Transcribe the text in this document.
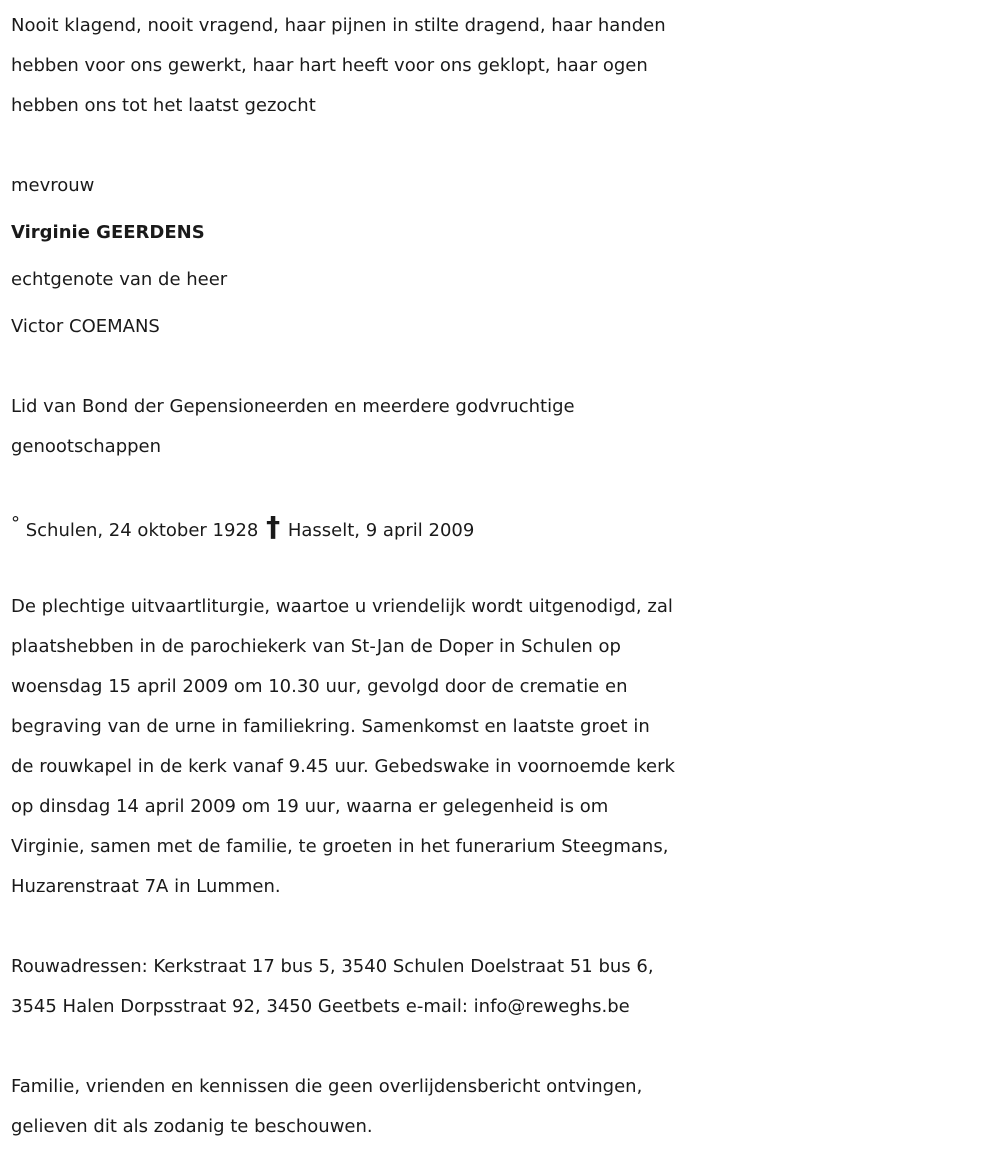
Nooit klagend, nooit vragend, haar pijnen in stilte dragend, haar handen
hebben voor ons gewerkt, haar hart heeft voor ons geklopt, haar ogen
hebben ons tot het laatst gezocht
mevrouw
Virginie GEERDENS
echtgenote van de heer
Victor COEMANS
Lid van Bond der Gepensioneerden en meerdere godvruchtige
genootschappen
° Schulen, 24 oktober 1928 † Hasselt, 9 april 2009
De plechtige uitvaartliturgie, waartoe u vriendelijk wordt uitgenodigd, zal
plaatshebben in de parochiekerk van St-Jan de Doper in Schulen op
woensdag 15 april 2009 om 10.30 uur, gevolgd door de crematie en
begraving van de urne in familiekring. Samenkomst en laatste groet in
de rouwkapel in de kerk vanaf 9.45 uur. Gebedswake in voornoemde kerk
op dinsdag 14 april 2009 om 19 uur, waarna er gelegenheid is om
Virginie, samen met de familie, te groeten in het funerarium Steegmans,
Huzarenstraat 7A in Lummen.
Rouwadressen: Kerkstraat 17 bus 5, 3540 Schulen Doelstraat 51 bus 6,
3545 Halen Dorpsstraat 92, 3450 Geetbets e-mail: info@reweghs.be
Familie, vrienden en kennissen die geen overlijdensbericht ontvingen,
gelieven dit als zodanig te beschouwen.
